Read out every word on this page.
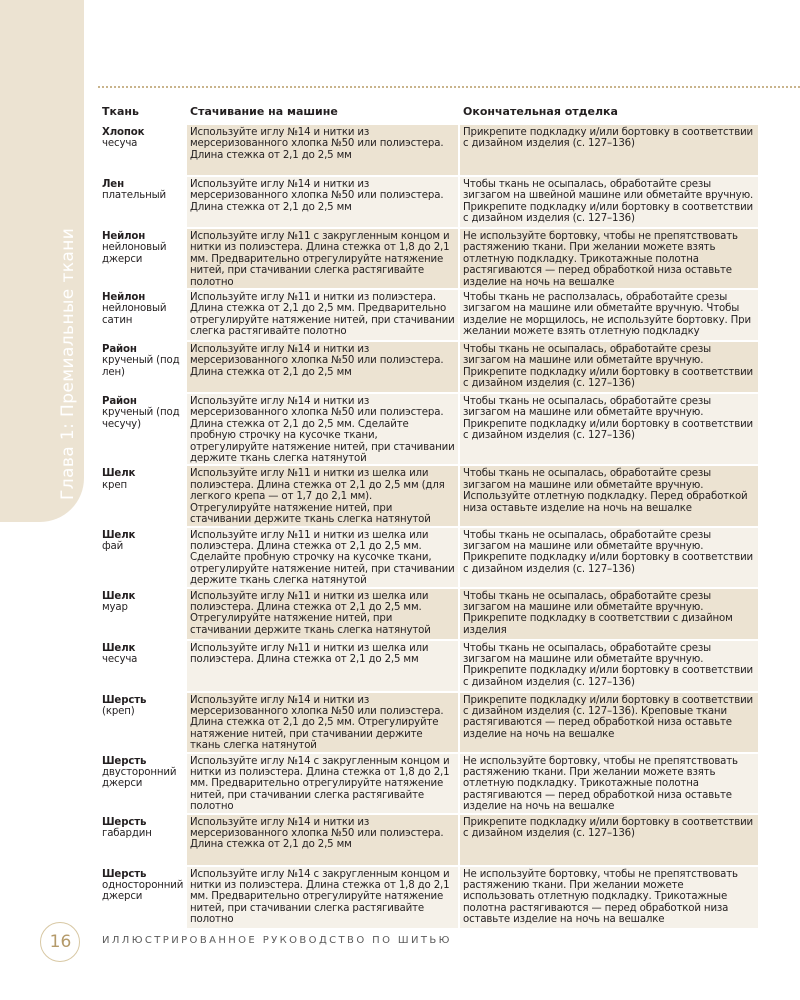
Глава 1: Премиальные ткани
Ткань	Стачивание на машине	Окончательная отделка

Хлопок
чесуча	Используйте иглу №14 и нитки из мерсеризованного хлопка №50 или полиэстера. Длина стежка от 2,1 до 2,5 мм	Прикрепите подкладку и/или бортовку в соответствии с дизайном изделия (с. 127–136)

Лен
плательный	Используйте иглу №14 и нитки из мерсеризованного хлопка №50 или полиэстера. Длина стежка от 2,1 до 2,5 мм	Чтобы ткань не осыпалась, обработайте срезы зигзагом на швейной машине или обметайте вручную. Прикрепите подкладку и/или бортовку в соответствии с дизайном изделия (с. 127–136)

Нейлон
нейлоновый джерси	Используйте иглу №11 с закругленным концом и нитки из полиэстера. Длина стежка от 1,8 до 2,1 мм. Предварительно отрегулируйте натяжение нитей, при стачивании слегка растягивайте полотно	Не используйте бортовку, чтобы не препятствовать растяжению ткани. При желании можете взять отлетную подкладку. Трикотажные полотна растягиваются — перед обработкой низа оставьте изделие на ночь на вешалке

Нейлон
нейлоновый сатин	Используйте иглу №11 и нитки из полиэстера. Длина стежка от 2,1 до 2,5 мм. Предварительно отрегулируйте натяжение нитей, при стачивании слегка растягивайте полотно	Чтобы ткань не расползалась, обработайте срезы зигзагом на машине или обметайте вручную. Чтобы изделие не морщилось, не используйте бортовку. При желании можете взять отлетную подкладку

Район
крученый (под лен)	Используйте иглу №14 и нитки из мерсеризованного хлопка №50 или полиэстера. Длина стежка от 2,1 до 2,5 мм	Чтобы ткань не осыпалась, обработайте срезы зигзагом на машине или обметайте вручную. Прикрепите подкладку и/или бортовку в соответствии с дизайном изделия (с. 127–136)

Район
крученый (под чесучу)	Используйте иглу №14 и нитки из мерсеризованного хлопка №50 или полиэстера. Длина стежка от 2,1 до 2,5 мм. Сделайте пробную строчку на кусочке ткани, отрегулируйте натяжение нитей, при стачивании держите ткань слегка натянутой	Чтобы ткань не осыпалась, обработайте срезы зигзагом на машине или обметайте вручную. Прикрепите подкладку и/или бортовку в соответствии с дизайном изделия (с. 127–136)

Шелк
креп	Используйте иглу №11 и нитки из шелка или полиэстера. Длина стежка от 2,1 до 2,5 мм (для легкого крепа — от 1,7 до 2,1 мм). Отрегулируйте натяжение нитей, при стачивании держите ткань слегка натянутой	Чтобы ткань не осыпалась, обработайте срезы зигзагом на машине или обметайте вручную. Используйте отлетную подкладку. Перед обработкой низа оставьте изделие на ночь на вешалке

Шелк
фай	Используйте иглу №11 и нитки из шелка или полиэстера. Длина стежка от 2,1 до 2,5 мм. Сделайте пробную строчку на кусочке ткани, отрегулируйте натяжение нитей, при стачивании держите ткань слегка натянутой	Чтобы ткань не осыпалась, обработайте срезы зигзагом на машине или обметайте вручную. Прикрепите подкладку и/или бортовку в соответствии с дизайном изделия (с. 127–136)

Шелк
муар	Используйте иглу №11 и нитки из шелка или полиэстера. Длина стежка от 2,1 до 2,5 мм. Отрегулируйте натяжение нитей, при стачивании держите ткань слегка натянутой	Чтобы ткань не осыпалась, обработайте срезы зигзагом на машине или обметайте вручную. Прикрепите подкладку в соответствии с дизайном изделия

Шелк
чесуча	Используйте иглу №11 и нитки из шелка или полиэстера. Длина стежка от 2,1 до 2,5 мм	Чтобы ткань не осыпалась, обработайте срезы зигзагом на машине или обметайте вручную. Прикрепите подкладку и/или бортовку в соответствии с дизайном изделия (с. 127–136)

Шерсть
(креп)	Используйте иглу №14 и нитки из мерсеризованного хлопка №50 или полиэстера. Длина стежка от 2,1 до 2,5 мм. Отрегулируйте натяжение нитей, при стачивании держите ткань слегка натянутой	Прикрепите подкладку и/или бортовку в соответствии с дизайном изделия (с. 127–136). Креповые ткани растягиваются — перед обработкой низа оставьте изделие на ночь на вешалке

Шерсть
двусторонний джерси	Используйте иглу №14 с закругленным концом и нитки из полиэстера. Длина стежка от 1,8 до 2,1 мм. Предварительно отрегулируйте натяжение нитей, при стачивании слегка растягивайте полотно	Не используйте бортовку, чтобы не препятствовать растяжению ткани. При желании можете взять отлетную подкладку. Трикотажные полотна растягиваются — перед обработкой низа оставьте изделие на ночь на вешалке

Шерсть
габардин	Используйте иглу №14 и нитки из мерсеризованного хлопка №50 или полиэстера. Длина стежка от 2,1 до 2,5 мм	Прикрепите подкладку и/или бортовку в соответствии с дизайном изделия (с. 127–136)

Шерсть
односторонний джерси	Используйте иглу №14 с закругленным концом и нитки из полиэстера. Длина стежка от 1,8 до 2,1 мм. Предварительно отрегулируйте натяжение нитей, при стачивании слегка растягивайте полотно	Не используйте бортовку, чтобы не препятствовать растяжению ткани. При желании можете использовать отлетную подкладку. Трикотажные полотна растягиваются — перед обработкой низа оставьте изделие на ночь на вешалке
16	ИЛЛЮСТРИРОВАННОЕ РУКОВОДСТВО ПО ШИТЬЮ
